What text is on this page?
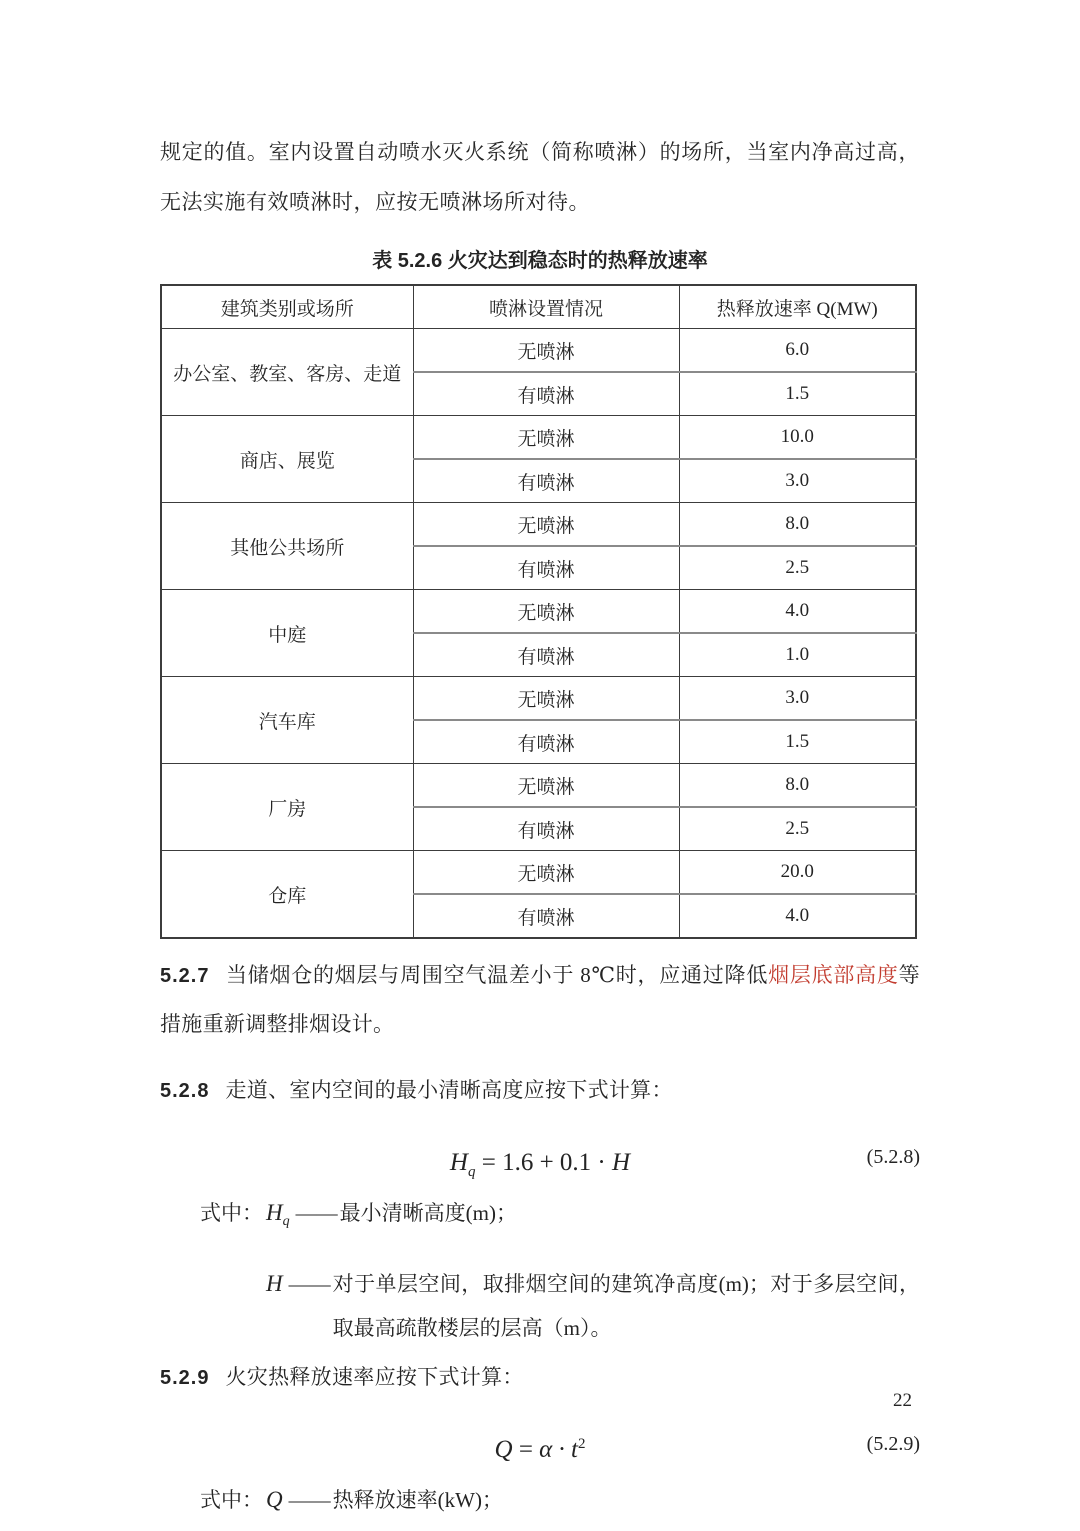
规定的值。室内设置自动喷水灭火系统（简称喷淋）的场所，当室内净高过高，无法实施有效喷淋时，应按无喷淋场所对待。

表 5.2.6 火灾达到稳态时的热释放速率
建筑类别或场所	喷淋设置情况	热释放速率 Q(MW)
办公室、教室、客房、走道	无喷淋	6.0
	有喷淋	1.5
商店、展览	无喷淋	10.0
	有喷淋	3.0
其他公共场所	无喷淋	8.0
	有喷淋	2.5
中庭	无喷淋	4.0
	有喷淋	1.0
汽车库	无喷淋	3.0
	有喷淋	1.5
厂房	无喷淋	8.0
	有喷淋	2.5
仓库	无喷淋	20.0
	有喷淋	4.0

5.2.7 当储烟仓的烟层与周围空气温差小于 8℃时，应通过降低烟层底部高度等措施重新调整排烟设计。

5.2.8 走道、室内空间的最小清晰高度应按下式计算：

$H_q = 1.6 + 0.1 \cdot H$	(5.2.8)
式中： $H_q$ —— 最小清晰高度(m)；
H —— 对于单层空间，取排烟空间的建筑净高度(m)；对于多层空间，取最高疏散楼层的层高（m）。

5.2.9 火灾热释放速率应按下式计算：

$Q = \alpha \cdot t^2$	(5.2.9)
式中： Q —— 热释放速率(kW)；
22
